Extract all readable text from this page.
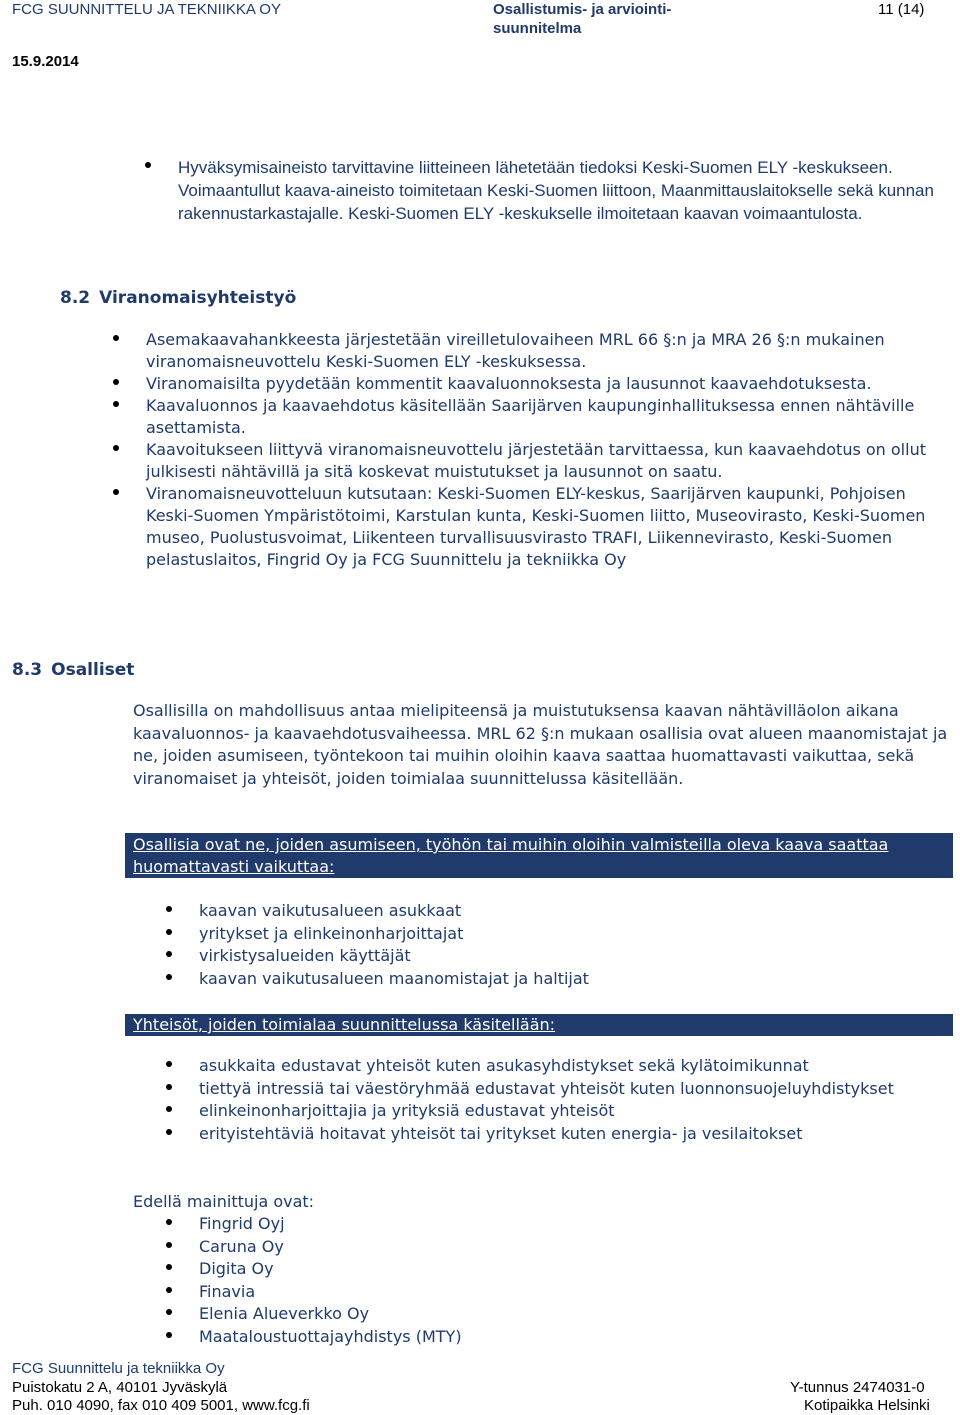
FCG SUUNNITTELU JA TEKNIIKKA OY	Osallistumis- ja arviointi-suunnitelma
11 (14)
15.9.2014
Hyväksymisaineisto tarvittavine liitteineen lähetetään tiedoksi Keski-Suomen ELY -keskukseen. Voimaantullut kaava-aineisto toimitetaan Keski-Suomen liittoon, Maanmittauslaitokselle sekä kunnan rakennustarkastajalle. Keski-Suomen ELY -keskukselle ilmoitetaan kaavan voimaantulosta.
8.2 Viranomaisyhteistyö
Asemakaavahankkeesta järjestetään vireilletulovaiheen MRL 66 §:n ja MRA 26 §:n mukainen viranomaisneuvottelu Keski-Suomen ELY -keskuksessa.
Viranomaisilta pyydetään kommentit kaavaluonnoksesta ja lausunnot kaavaehdotuksesta.
Kaavaluonnos ja kaavaehdotus käsitellään Saarijärven kaupunginhallituksessa ennen nähtäville asettamista.
Kaavoitukseen liittyvä viranomaisneuvottelu järjestetään tarvittaessa, kun kaavaehdotus on ollut julkisesti nähtävillä ja sitä koskevat muistutukset ja lausunnot on saatu.
Viranomaisneuvotteluun kutsutaan: Keski-Suomen ELY-keskus, Saarijärven kaupunki, Pohjoisen Keski-Suomen Ympäristötoimi, Karstulan kunta, Keski-Suomen liitto, Museovirasto, Keski-Suomen museo, Puolustusvoimat, Liikenteen turvallisuusvirasto TRAFI, Liikennevirasto, Keski-Suomen pelastuslaitos, Fingrid Oy ja FCG Suunnittelu ja tekniikka Oy
8.3 Osalliset
Osallisilla on mahdollisuus antaa mielipiteensä ja muistutuksensa kaavan nähtävilläolon aikana kaavaluonnos- ja kaavaehdotusvaiheessa. MRL 62 §:n mukaan osallisia ovat alueen maanomistajat ja ne, joiden asumiseen, työntekoon tai muihin oloihin kaava saattaa huomattavasti vaikuttaa, sekä viranomaiset ja yhteisöt, joiden toimialaa suunnittelussa käsitellään.
Osallisia ovat ne, joiden asumiseen, työhön tai muihin oloihin valmisteilla oleva kaava saattaa huomattavasti vaikuttaa:
kaavan vaikutusalueen asukkaat
yritykset ja elinkeinonharjoittajat
virkistysalueiden käyttäjät
kaavan vaikutusalueen maanomistajat ja haltijat
Yhteisöt, joiden toimialaa suunnittelussa käsitellään:
asukkaita edustavat yhteisöt kuten asukasyhdistykset sekä kylätoimikunnat
tiettyä intressiä tai väestöryhmää edustavat yhteisöt kuten luonnonsuojeluyhdistykset
elinkeinonharjoittajia ja yrityksiä edustavat yhteisöt
erityistehtäviä hoitavat yhteisöt tai yritykset kuten energia- ja vesilaitokset
Edellä mainittuja ovat:
Fingrid Oyj
Caruna Oy
Digita Oy
Finavia
Elenia Alueverkko Oy
Maataloustuottajayhdistys (MTY)
FCG Suunnittelu ja tekniikka Oy
Puistokatu 2 A, 40101 Jyväskylä
Puh. 010 4090, fax 010 409 5001, www.fcg.fi
Y-tunnus 2474031-0
Kotipaikka Helsinki
